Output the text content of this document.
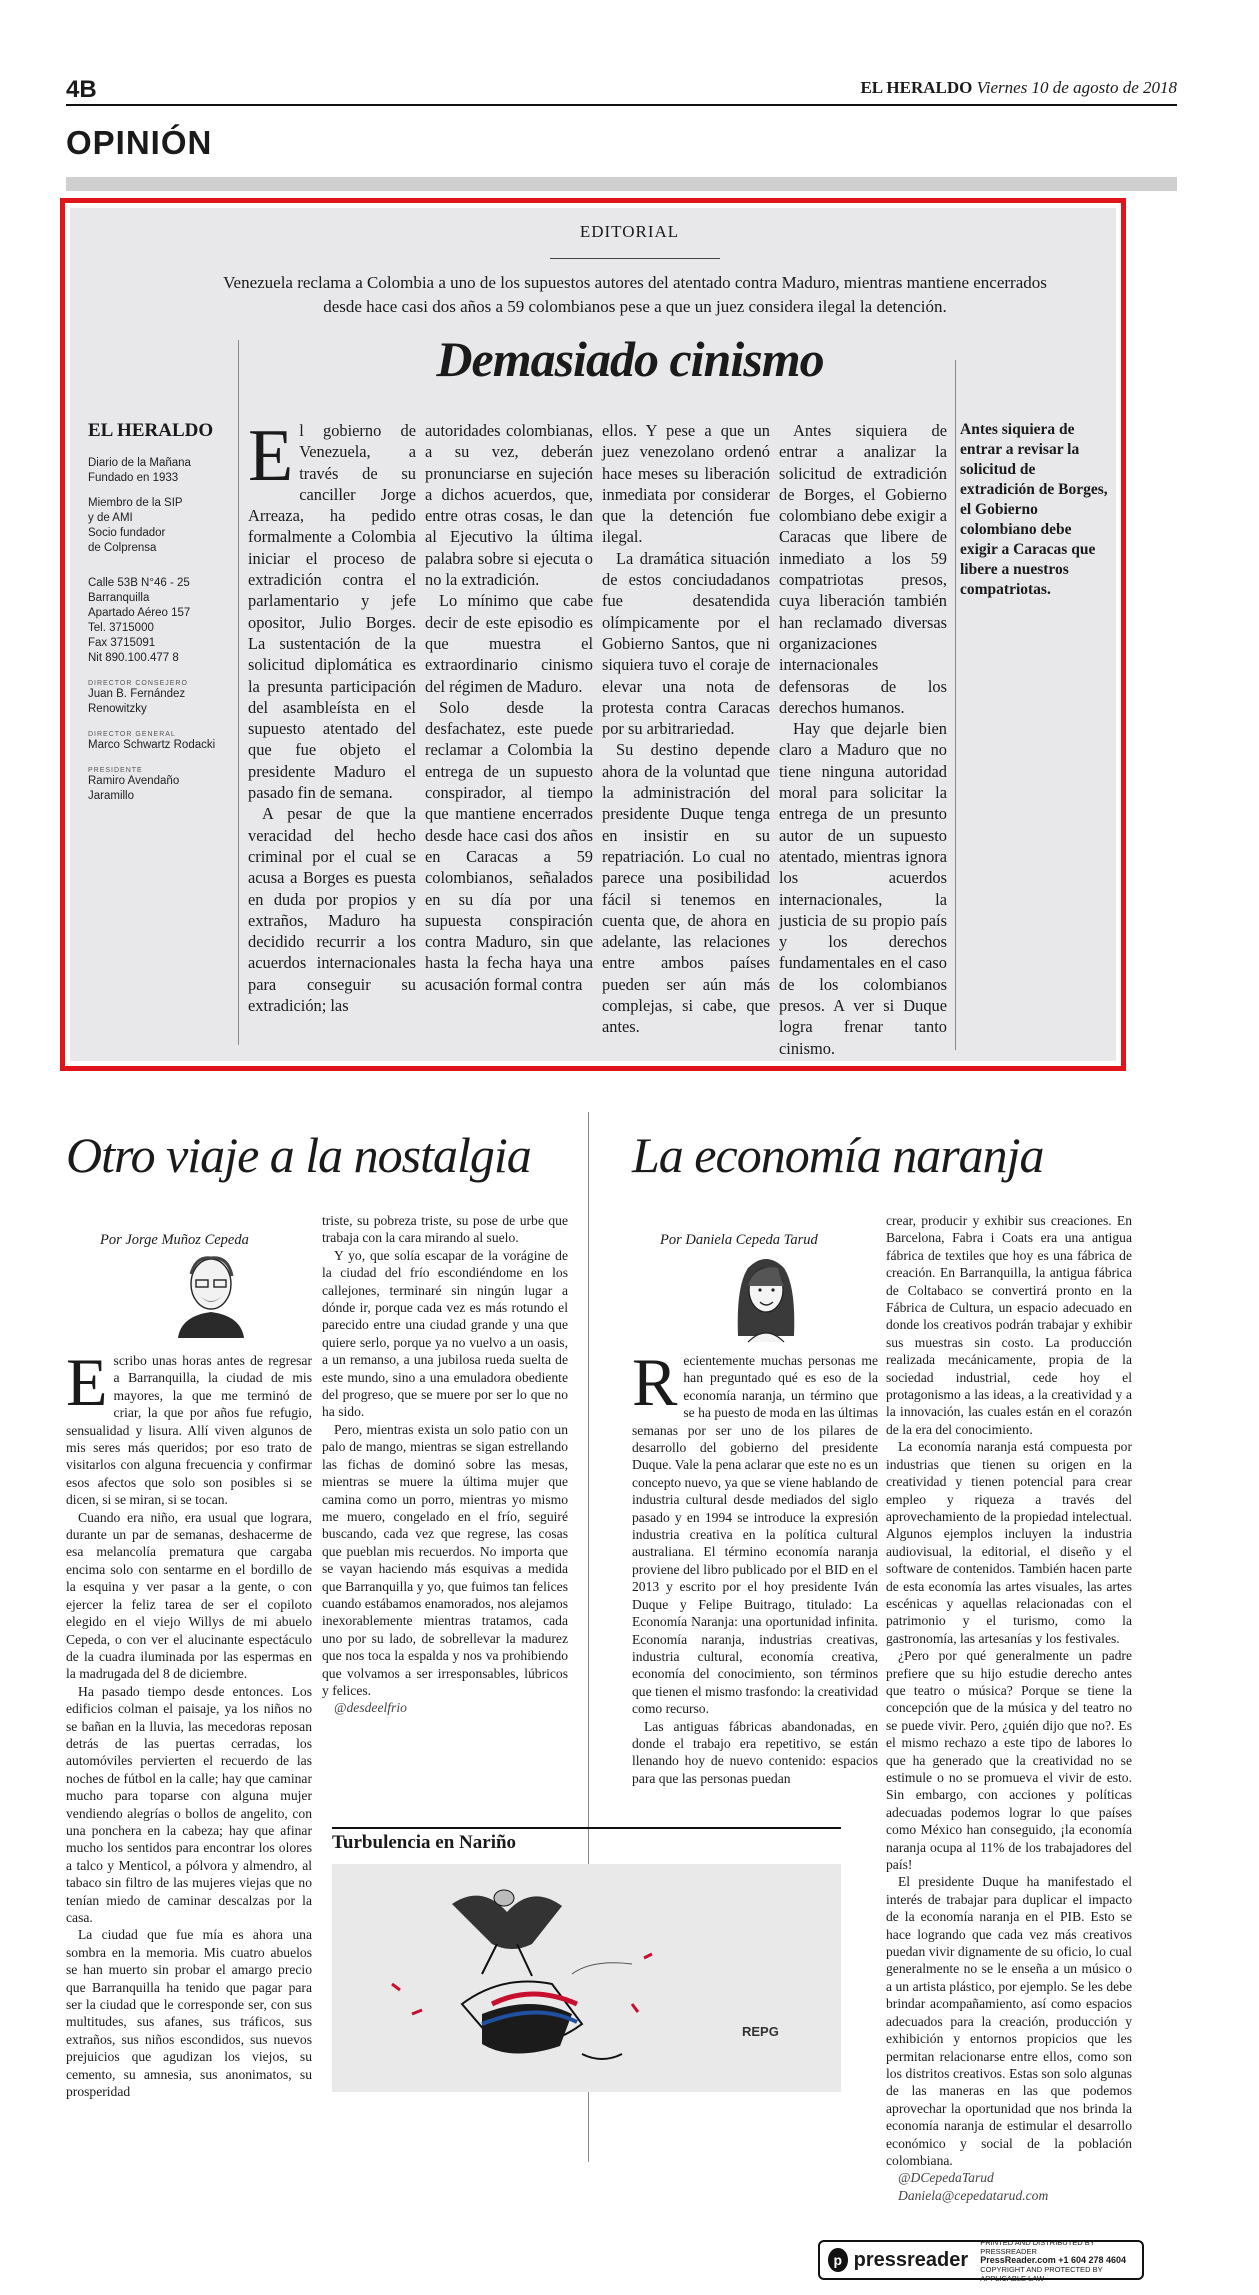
4B	EL HERALDO Viernes 10 de agosto de 2018
OPINIÓN
EDITORIAL
Venezuela reclama a Colombia a uno de los supuestos autores del atentado contra Maduro, mientras mantiene encerrados desde hace casi dos años a 59 colombianos pese a que un juez considera ilegal la detención.
Demasiado cinismo
EL HERALDO
Diario de la Mañana
Fundado en 1933
Miembro de la SIP
y de AMI
Socio fundador
de Colprensa
Calle 53B N°46 - 25
Barranquilla
Apartado Aéreo 157
Tel. 3715000
Fax 3715091
Nit 890.100.477 8
DIRECTOR CONSEJERO
Juan B. Fernández
Renowitzky
DIRECTOR GENERAL
Marco Schwartz Rodacki
PRESIDENTE
Ramiro Avendaño
Jaramillo

El gobierno de Venezuela, a través de su canciller Jorge Arreaza, ha pedido formalmente a Colombia iniciar el proceso de extradición contra el parlamentario y jefe opositor, Julio Borges. La sustentación de la solicitud diplomática es la presunta participación del asambleísta en el supuesto atentado del que fue objeto el presidente Maduro el pasado fin de semana.

A pesar de que la veracidad del hecho criminal por el cual se acusa a Borges es puesta en duda por propios y extraños, Maduro ha decidido recurrir a los acuerdos internacionales para conseguir su extradición; las

autoridades colombianas, a su vez, deberán pronunciarse en sujeción a dichos acuerdos, que, entre otras cosas, le dan al Ejecutivo la última palabra sobre si ejecuta o no la extradición.

Lo mínimo que cabe decir de este episodio es que muestra el extraordinario cinismo del régimen de Maduro.

Solo desde la desfachatez, este puede reclamar a Colombia la entrega de un supuesto conspirador, al tiempo que mantiene encerrados desde hace casi dos años en Caracas a 59 colombianos, señalados en su día por una supuesta conspiración contra Maduro, sin que hasta la fecha haya una acusación formal contra

ellos. Y pese a que un juez venezolano ordenó hace meses su liberación inmediata por considerar que la detención fue ilegal.

La dramática situación de estos conciudadanos fue desatendida olímpicamente por el Gobierno Santos, que ni siquiera tuvo el coraje de elevar una nota de protesta contra Caracas por su arbitrariedad.

Su destino depende ahora de la voluntad que la administración del presidente Duque tenga en insistir en su repatriación. Lo cual no parece una posibilidad fácil si tenemos en cuenta que, de ahora en adelante, las relaciones entre ambos países pueden ser aún más complejas, si cabe, que antes.

Antes siquiera de entrar a analizar la solicitud de extradición de Borges, el Gobierno colombiano debe exigir a Caracas que libere de inmediato a los 59 compatriotas presos, cuya liberación también han reclamado diversas organizaciones internacionales defensoras de los derechos humanos.

Hay que dejarle bien claro a Maduro que no tiene ninguna autoridad moral para solicitar la entrega de un presunto autor de un supuesto atentado, mientras ignora los acuerdos internacionales, la justicia de su propio país y los derechos fundamentales en el caso de los colombianos presos. A ver si Duque logra frenar tanto cinismo.

Antes siquiera de entrar a revisar la solicitud de extradición de Borges, el Gobierno colombiano debe exigir a Caracas que libere a nuestros compatriotas.
Otro viaje a la nostalgia
Por Jorge Muñoz Cepeda

Escribo unas horas antes de regresar a Barranquilla, la ciudad de mis mayores, la que me terminó de criar, la que por años fue refugio, sensualidad y lisura. Allí viven algunos de mis seres más queridos; por eso trato de visitarlos con alguna frecuencia y confirmar esos afectos que solo son posibles si se dicen, si se miran, si se tocan.

Cuando era niño, era usual que lograra, durante un par de semanas, deshacerme de esa melancolía prematura que cargaba encima solo con sentarme en el bordillo de la esquina y ver pasar a la gente, o con ejercer la feliz tarea de ser el copiloto elegido en el viejo Willys de mi abuelo Cepeda, o con ver el alucinante espectáculo de la cuadra iluminada por las espermas en la madrugada del 8 de diciembre.

Ha pasado tiempo desde entonces. Los edificios colman el paisaje, ya los niños no se bañan en la lluvia, las mecedoras reposan detrás de las puertas cerradas, los automóviles pervierten el recuerdo de las noches de fútbol en la calle; hay que caminar mucho para toparse con alguna mujer vendiendo alegrías o bollos de angelito, con una ponchera en la cabeza; hay que afinar mucho los sentidos para encontrar los olores a talco y Menticol, a pólvora y almendro, al tabaco sin filtro de las mujeres viejas que no tenían miedo de caminar descalzas por la casa.

La ciudad que fue mía es ahora una sombra en la memoria. Mis cuatro abuelos se han muerto sin probar el amargo precio que Barranquilla ha tenido que pagar para ser la ciudad que le corresponde ser, con sus multitudes, sus afanes, sus tráficos, sus extraños, sus niños escondidos, sus nuevos prejuicios que agudizan los viejos, su cemento, su amnesia, sus anonimatos, su prosperidad

triste, su pobreza triste, su pose de urbe que trabaja con la cara mirando al suelo.

Y yo, que solía escapar de la vorágine de la ciudad del frío escondiéndome en los callejones, terminaré sin ningún lugar a dónde ir, porque cada vez es más rotundo el parecido entre una ciudad grande y una que quiere serlo, porque ya no vuelvo a un oasis, a un remanso, a una jubilosa rueda suelta de este mundo, sino a una emuladora obediente del progreso, que se muere por ser lo que no ha sido.

Pero, mientras exista un solo patio con un palo de mango, mientras se sigan estrellando las fichas de dominó sobre las mesas, mientras se muere la última mujer que camina como un porro, mientras yo mismo me muero, congelado en el frío, seguiré buscando, cada vez que regrese, las cosas que pueblan mis recuerdos. No importa que se vayan haciendo más esquivas a medida que Barranquilla y yo, que fuimos tan felices cuando estábamos enamorados, nos alejamos inexorablemente mientras tratamos, cada uno por su lado, de sobrellevar la madurez que nos toca la espalda y nos va prohibiendo que volvamos a ser irresponsables, lúbricos y felices.

@desdeelfrio

Turbulencia en Nariño
REPG
La economía naranja
Por Daniela Cepeda Tarud

Recientemente muchas personas me han preguntado qué es eso de la economía naranja, un término que se ha puesto de moda en las últimas semanas por ser uno de los pilares de desarrollo del gobierno del presidente Duque. Vale la pena aclarar que este no es un concepto nuevo, ya que se viene hablando de industria cultural desde mediados del siglo pasado y en 1994 se introduce la expresión industria creativa en la política cultural australiana. El término economía naranja proviene del libro publicado por el BID en el 2013 y escrito por el hoy presidente Iván Duque y Felipe Buitrago, titulado: La Economía Naranja: una oportunidad infinita. Economía naranja, industrias creativas, industria cultural, economía creativa, economía del conocimiento, son términos que tienen el mismo trasfondo: la creatividad como recurso.

Las antiguas fábricas abandonadas, en donde el trabajo era repetitivo, se están llenando hoy de nuevo contenido: espacios para que las personas puedan

crear, producir y exhibir sus creaciones. En Barcelona, Fabra i Coats era una antigua fábrica de textiles que hoy es una fábrica de creación. En Barranquilla, la antigua fábrica de Coltabaco se convertirá pronto en la Fábrica de Cultura, un espacio adecuado en donde los creativos podrán trabajar y exhibir sus muestras sin costo. La producción realizada mecánicamente, propia de la sociedad industrial, cede hoy el protagonismo a las ideas, a la creatividad y a la innovación, las cuales están en el corazón de la era del conocimiento.

La economía naranja está compuesta por industrias que tienen su origen en la creatividad y tienen potencial para crear empleo y riqueza a través del aprovechamiento de la propiedad intelectual. Algunos ejemplos incluyen la industria audiovisual, la editorial, el diseño y el software de contenidos. También hacen parte de esta economía las artes visuales, las artes escénicas y aquellas relacionadas con el patrimonio y el turismo, como la gastronomía, las artesanías y los festivales.

¿Pero por qué generalmente un padre prefiere que su hijo estudie derecho antes que teatro o música? Porque se tiene la concepción que de la música y del teatro no se puede vivir. Pero, ¿quién dijo que no?. Es el mismo rechazo a este tipo de labores lo que ha generado que la creatividad no se estimule o no se promueva el vivir de esto. Sin embargo, con acciones y políticas adecuadas podemos lograr lo que países como México han conseguido, ¡la economía naranja ocupa al 11% de los trabajadores del país!

El presidente Duque ha manifestado el interés de trabajar para duplicar el impacto de la economía naranja en el PIB. Esto se hace logrando que cada vez más creativos puedan vivir dignamente de su oficio, lo cual generalmente no se le enseña a un músico o a un artista plástico, por ejemplo. Se les debe brindar acompañamiento, así como espacios adecuados para la creación, producción y exhibición y entornos propicios que les permitan relacionarse entre ellos, como son los distritos creativos. Estas son solo algunas de las maneras en las que podemos aprovechar la oportunidad que nos brinda la economía naranja de estimular el desarrollo económico y social de la población colombiana.

@DCepedaTarud

Daniela@cepedatarud.com

p pressreader
PRINTED AND DISTRIBUTED BY PRESSREADER
PressReader.com +1 604 278 4604
COPYRIGHT AND PROTECTED BY APPLICABLE LAW
